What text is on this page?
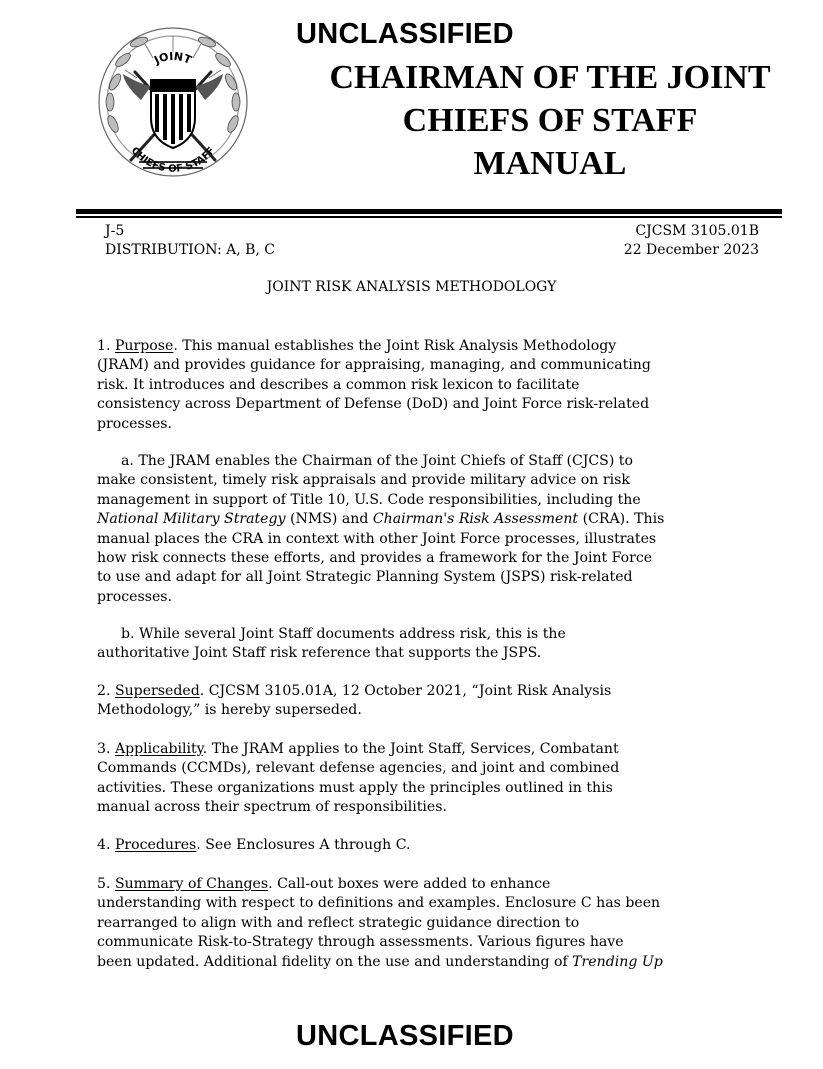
UNCLASSIFIED
JOINT
CHIEFS OF STAFF
CHAIRMAN OF THE JOINT
CHIEFS OF STAFF
MANUAL
J-5
DISTRIBUTION: A, B, C
CJCSM 3105.01B
22 December 2023
JOINT RISK ANALYSIS METHODOLOGY

1. Purpose. This manual establishes the Joint Risk Analysis Methodology

(JRAM) and provides guidance for appraising, managing, and communicating

risk. It introduces and describes a common risk lexicon to facilitate

consistency across Department of Defense (DoD) and Joint Force risk-related

processes.

a. The JRAM enables the Chairman of the Joint Chiefs of Staff (CJCS) to

make consistent, timely risk appraisals and provide military advice on risk

management in support of Title 10, U.S. Code responsibilities, including the

National Military Strategy (NMS) and Chairman's Risk Assessment (CRA). This

manual places the CRA in context with other Joint Force processes, illustrates

how risk connects these efforts, and provides a framework for the Joint Force

to use and adapt for all Joint Strategic Planning System (JSPS) risk-related

processes.

b. While several Joint Staff documents address risk, this is the

authoritative Joint Staff risk reference that supports the JSPS.

2. Superseded. CJCSM 3105.01A, 12 October 2021, “Joint Risk Analysis

Methodology,” is hereby superseded.

3. Applicability. The JRAM applies to the Joint Staff, Services, Combatant

Commands (CCMDs), relevant defense agencies, and joint and combined

activities. These organizations must apply the principles outlined in this

manual across their spectrum of responsibilities.

4. Procedures. See Enclosures A through C.

5. Summary of Changes. Call-out boxes were added to enhance

understanding with respect to definitions and examples. Enclosure C has been

rearranged to align with and reflect strategic guidance direction to

communicate Risk-to-Strategy through assessments. Various figures have

been updated. Additional fidelity on the use and understanding of Trending Up

UNCLASSIFIED
